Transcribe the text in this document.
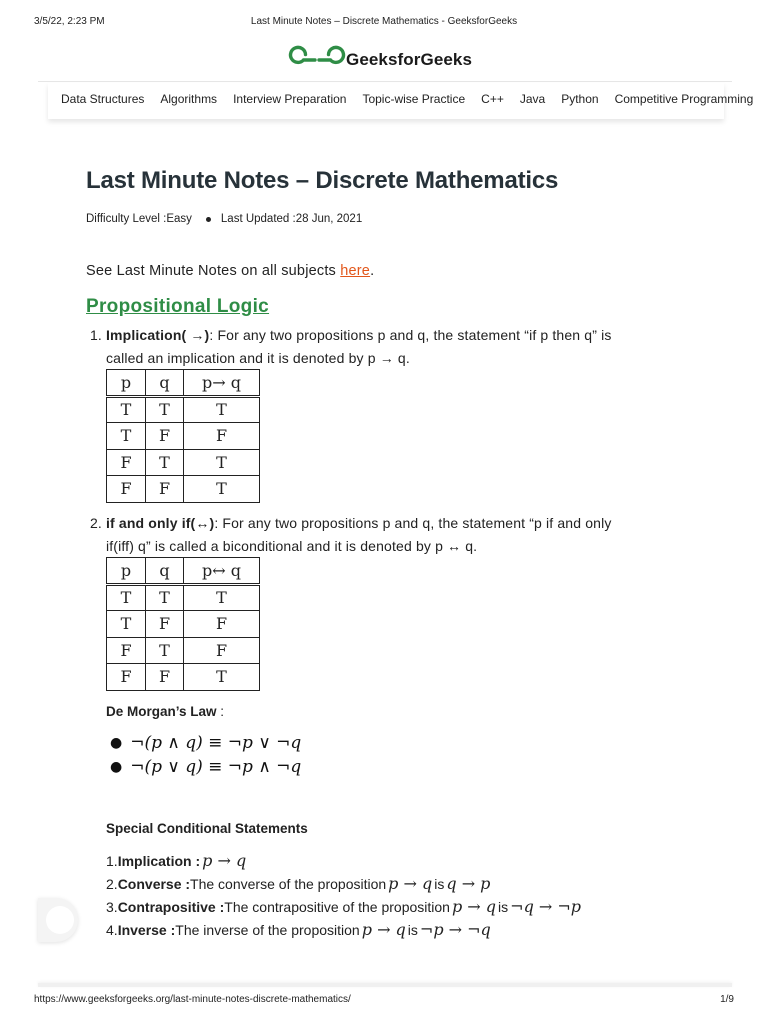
3/5/22, 2:23 PM	Last Minute Notes – Discrete Mathematics - GeeksforGeeks
GeeksforGeeks
Data Structures Algorithms Interview Preparation Topic-wise Practice C++ Java Python Competitive Programming
Last Minute Notes – Discrete Mathematics
Difficulty Level : Easy	Last Updated : 28 Jun, 2021

See Last Minute Notes on all subjects here.

Propositional Logic
1. Implication( →): For any two propositions p and q, the statement “if p then q” is
called an implication and it is denoted by p → q.
p	q	p→ q
T	T	T
T	F	F
F	T	T
F	F	T
2. if and only if(↔): For any two propositions p and q, the statement “p if and only
if(iff) q” is called a biconditional and it is denoted by p ↔ q.
p	q	p↔ q
T	T	T
T	F	F
F	T	F
F	F	T
De Morgan’s Law :
● ¬(p ∧ q) ≡ ¬p ∨ ¬q
● ¬(p ∨ q) ≡ ¬p ∧ ¬q
Special Conditional Statements
1. Implication : p → q
2. Converse : The converse of the proposition p → q is q → p
3. Contrapositive : The contrapositive of the proposition p → q is ¬q → ¬p
4. Inverse : The inverse of the proposition p → q is ¬p → ¬q
https://www.geeksforgeeks.org/last-minute-notes-discrete-mathematics/	1/9
